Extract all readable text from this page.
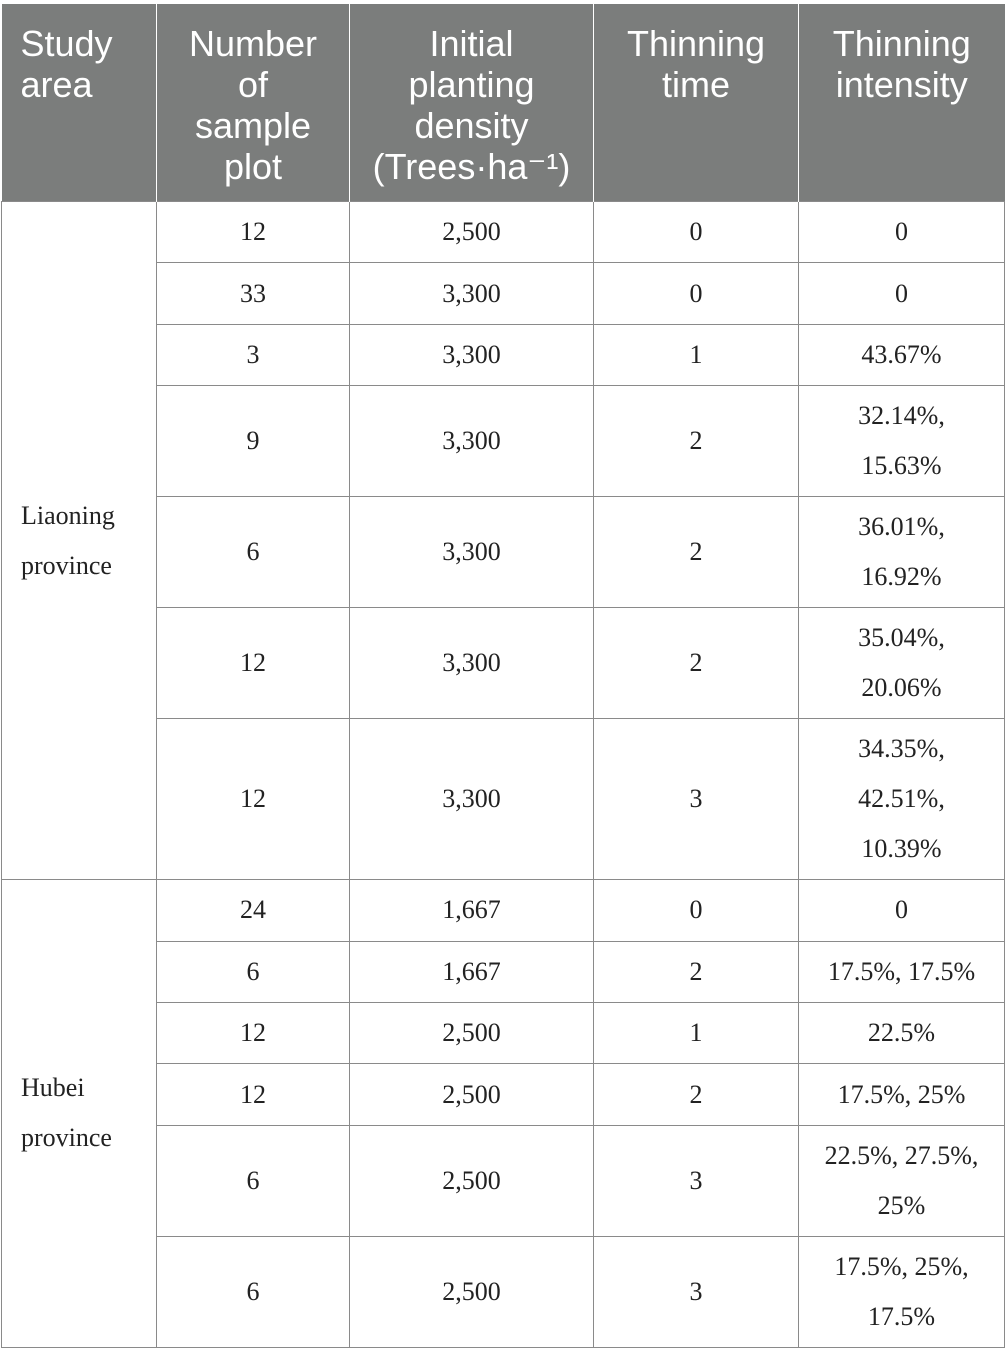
Study
area	Number
of
sample
plot	Initial
planting
density
(Trees·ha⁻¹)	Thinning
time	Thinning
intensity

Liaoning
province	12	2,500	0	0

	33	3,300	0	0

	3	3,300	1	43.67%

	9	3,300	2	32.14%,
15.63%

	6	3,300	2	36.01%,
16.92%

	12	3,300	2	35.04%,
20.06%

	12	3,300	3	34.35%,
42.51%,
10.39%

Hubei
province	24	1,667	0	0

	6	1,667	2	17.5%, 17.5%

	12	2,500	1	22.5%

	12	2,500	2	17.5%, 25%

	6	2,500	3	22.5%, 27.5%,
25%

	6	2,500	3	17.5%, 25%,
17.5%
